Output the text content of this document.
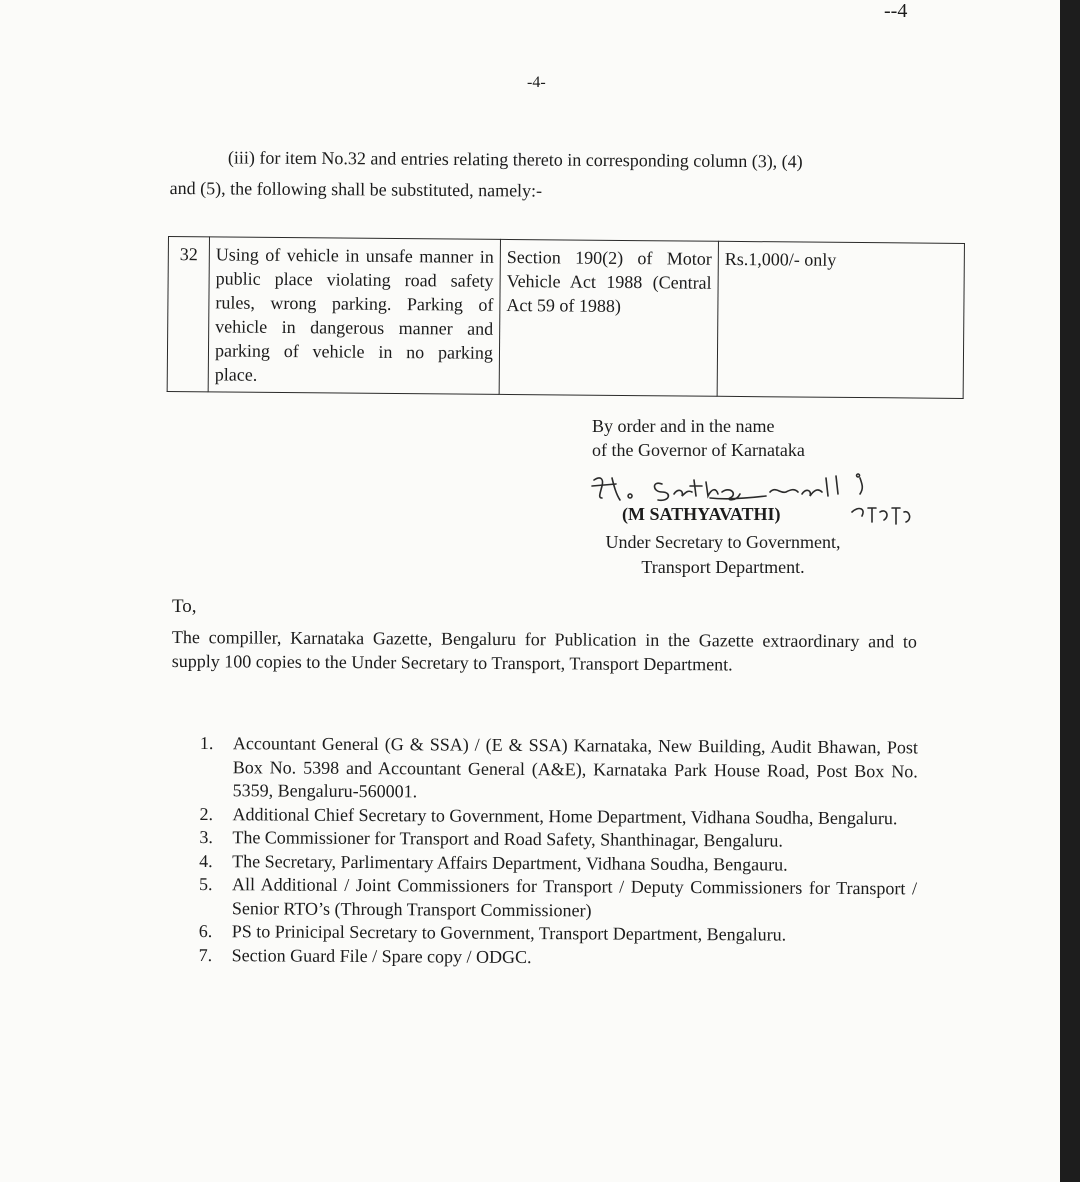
--4
-4-
(iii) for item No.32 and entries relating thereto in corresponding column (3), (4)
and (5), the following shall be substituted, namely:-
32	Using of vehicle in unsafe manner in public place violating road safety rules, wrong parking. Parking of vehicle in dangerous manner and parking of vehicle in no parking place.	Section 190(2) of Motor Vehicle Act 1988 (Central Act 59 of 1988)	Rs.1,000/- only
By order and in the name
of the Governor of Karnataka
(M SATHYAVATHI)
Under Secretary to Government,
Transport Department.
To,
The compiller, Karnataka Gazette, Bengaluru for Publication in the Gazette extraordinary and to supply 100 copies to the Under Secretary to Transport, Transport Department.
1.	Accountant General (G & SSA) / (E & SSA) Karnataka, New Building, Audit Bhawan, Post Box No. 5398 and Accountant General (A&E), Karnataka Park House Road, Post Box No. 5359, Bengaluru-560001.
2.	Additional Chief Secretary to Government, Home Department, Vidhana Soudha, Bengaluru.
3.	The Commissioner for Transport and Road Safety, Shanthinagar, Bengaluru.
4.	The Secretary, Parlimentary Affairs Department, Vidhana Soudha, Bengauru.
5.	All Additional / Joint Commissioners for Transport / Deputy Commissioners for Transport / Senior RTO’s (Through Transport Commissioner)
6.	PS to Prinicipal Secretary to Government, Transport Department, Bengaluru.
7.	Section Guard File / Spare copy / ODGC.
